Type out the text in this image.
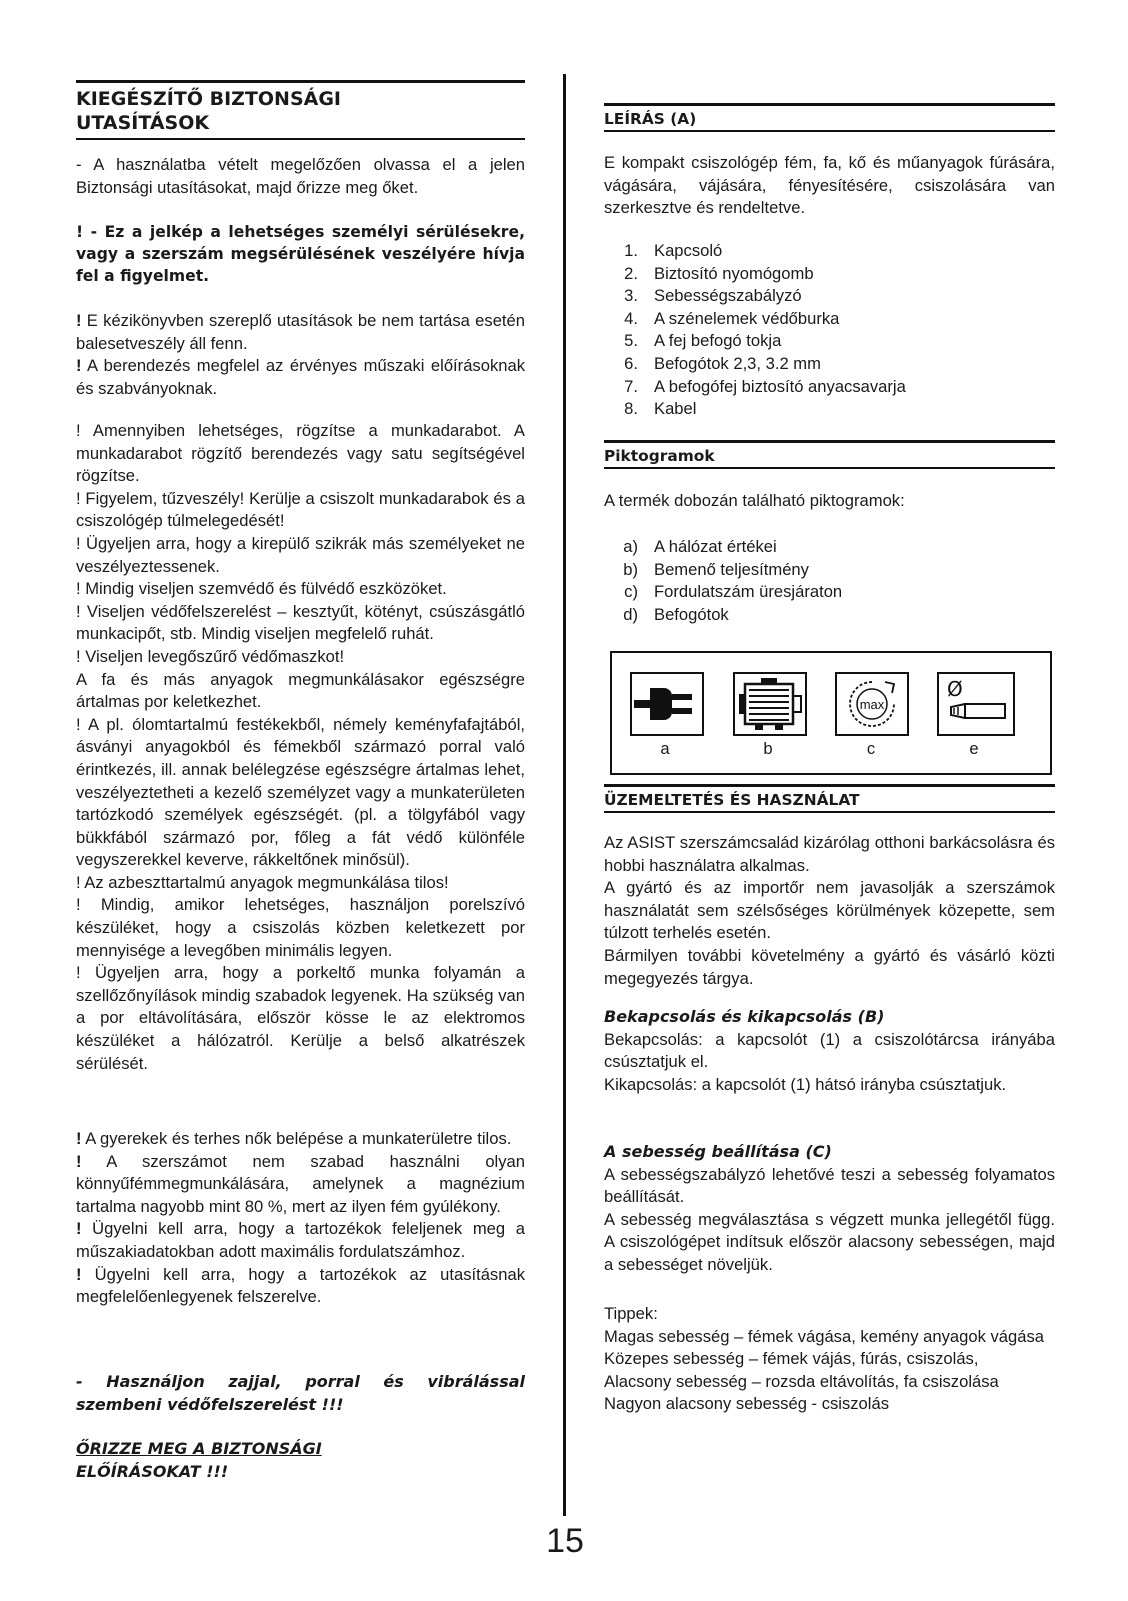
KIEGÉSZÍTŐ BIZTONSÁGI

UTASÍTÁSOK

- A használatba vételt megelőzően olvassa el a jelen Biztonsági utasításokat, majd őrizze meg őket.

! - Ez a jelkép a lehetséges személyi sérülésekre, vagy a szerszám megsérülésének veszélyére hívja fel a figyelmet.

! E kézikönyvben szereplő utasítások be nem tartása esetén balesetveszély áll fenn.

! A berendezés megfelel az érvényes műszaki előírásoknak és szabványoknak.

! Amennyiben lehetséges, rögzítse a munkadarabot. A munkadarabot rögzítő berendezés vagy satu segítségével rögzítse.

! Figyelem, tűzveszély! Kerülje a csiszolt munkadarabok és a csiszológép túlmelegedését!

! Ügyeljen arra, hogy a kirepülő szikrák más személyeket ne veszélyeztessenek.

! Mindig viseljen szemvédő és fülvédő eszközöket.

! Viseljen védőfelszerelést – kesztyűt, kötényt, csúszásgátló munkacipőt, stb. Mindig viseljen megfelelő ruhát.

! Viseljen levegőszűrő védőmaszkot!

A fa és más anyagok megmunkálásakor egészségre ártalmas por keletkezhet.

! A pl. ólomtartalmú festékekből, némely keményfafajtából, ásványi anyagokból és fémekből származó porral való érintkezés, ill. annak belélegzése egészségre ártalmas lehet, veszélyeztetheti a kezelő személyzet vagy a munkaterületen tartózkodó személyek egészségét. (pl. a tölgyfából vagy bükkfából származó por, főleg a fát védő különféle vegyszerekkel keverve, rákkeltőnek minősül).

! Az azbeszttartalmú anyagok megmunkálása tilos!

! Mindig, amikor lehetséges, használjon porelszívó készüléket, hogy a csiszolás közben keletkezett por mennyisége a levegőben minimális legyen.

! Ügyeljen arra, hogy a porkeltő munka folyamán a szellőzőnyílások mindig szabadok legyenek. Ha szükség van a por eltávolítására, először kösse le az elektromos készüléket a hálózatról. Kerülje a belső alkatrészek sérülését.

! A gyerekek és terhes nők belépése a munkaterületre tilos.

! A szerszámot nem szabad használni olyan könnyűfémmegmunkálására, amelynek a magnézium tartalma nagyobb mint 80 %, mert az ilyen fém gyúlékony.

! Ügyelni kell arra, hogy a tartozékok feleljenek meg a műszakiadatokban adott maximális fordulatszámhoz.

! Ügyelni kell arra, hogy a tartozékok az utasításnak megfelelőenlegyenek felszerelve.

- Használjon zajjal, porral és vibrálással szembeni védőfelszerelést !!!

ŐRIZZE MEG A BIZTONSÁGI

ELŐÍRÁSOKAT !!!

LEÍRÁS (A)

E kompakt csiszológép fém, fa, kő és műanyagok fúrására, vágására, vájására, fényesítésére, csiszolására van szerkesztve és rendeltetve.

1. Kapcsoló
2. Biztosító nyomógomb
3. Sebességszabályzó
4. A szénelemek védőburka
5. A fej befogó tokja
6. Befogótok 2,3, 3.2 mm
7. A befogófej biztosító anyacsavarja
8. Kabel
Piktogramok

A termék dobozán található piktogramok:

a) A hálózat értékei
b) Bemenő teljesítmény
c) Fordulatszám üresjáraton
d) Befogótok
a	b
max
c
Ø
e
ÜZEMELTETÉS ÉS HASZNÁLAT

Az ASIST szerszámcsalád kizárólag otthoni barkácsolásra és hobbi használatra alkalmas.

A gyártó és az importőr nem javasolják a szerszámok használatát sem szélsőséges körülmények közepette, sem túlzott terhelés esetén.

Bármilyen további követelmény a gyártó és vásárló közti megegyezés tárgya.

Bekapcsolás és kikapcsolás (B)

Bekapcsolás: a kapcsolót (1) a csiszolótárcsa irányába csúsztatjuk el.

Kikapcsolás: a kapcsolót (1) hátsó irányba csúsztatjuk.

A sebesség beállítása (C)

A sebességszabályzó lehetővé teszi a sebesség folyamatos beállítását.

A sebesség megválasztása s végzett munka jellegétől függ. A csiszológépet indítsuk először alacsony sebességen, majd a sebességet növeljük.

Tippek:

Magas sebesség – fémek vágása, kemény anyagok vágása

Közepes sebesség – fémek vájás, fúrás, csiszolás,

Alacsony sebesség – rozsda eltávolítás, fa csiszolása

Nagyon alacsony sebesség - csiszolás

15
